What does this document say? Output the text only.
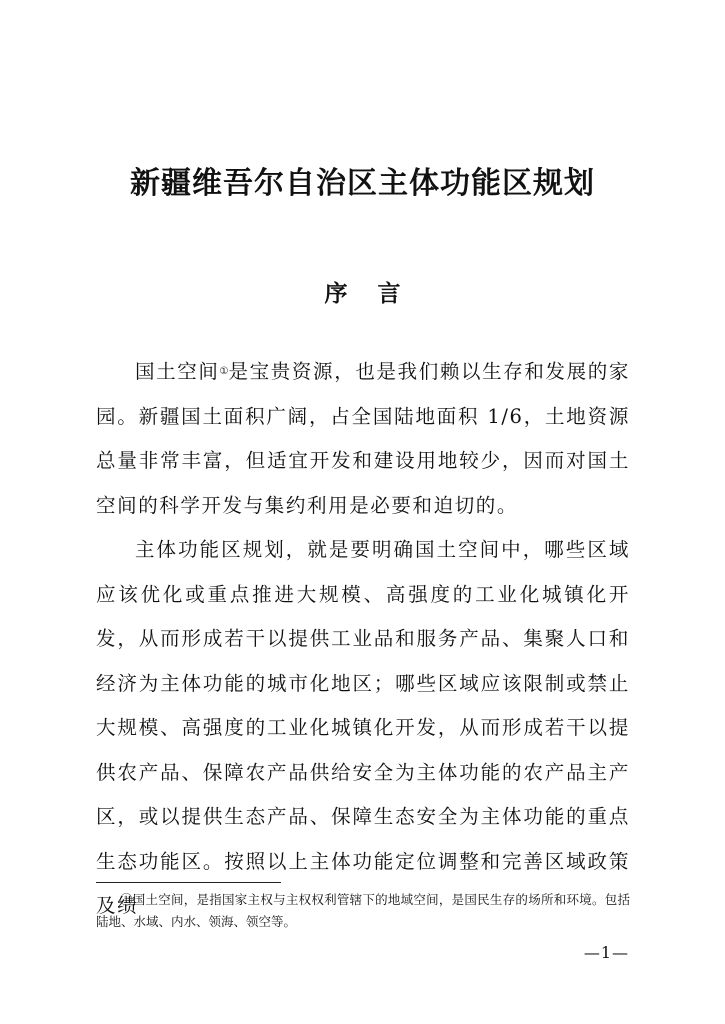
新疆维吾尔自治区主体功能区规划
序 言

国土空间①是宝贵资源，也是我们赖以生存和发展的家园。新疆国土面积广阔，占全国陆地面积 1/6，土地资源总量非常丰富，但适宜开发和建设用地较少，因而对国土空间的科学开发与集约利用是必要和迫切的。

主体功能区规划，就是要明确国土空间中，哪些区域应该优化或重点推进大规模、高强度的工业化城镇化开发，从而形成若干以提供工业品和服务产品、集聚人口和经济为主体功能的城市化地区；哪些区域应该限制或禁止大规模、高强度的工业化城镇化开发，从而形成若干以提供农产品、保障农产品供给安全为主体功能的农产品主产区，或以提供生态产品、保障生态安全为主体功能的重点生态功能区。按照以上主体功能定位调整和完善区域政策及绩

①国土空间，是指国家主权与主权权利管辖下的地域空间，是国民生存的场所和环境。包括陆地、水域、内水、领海、领空等。

—1—
